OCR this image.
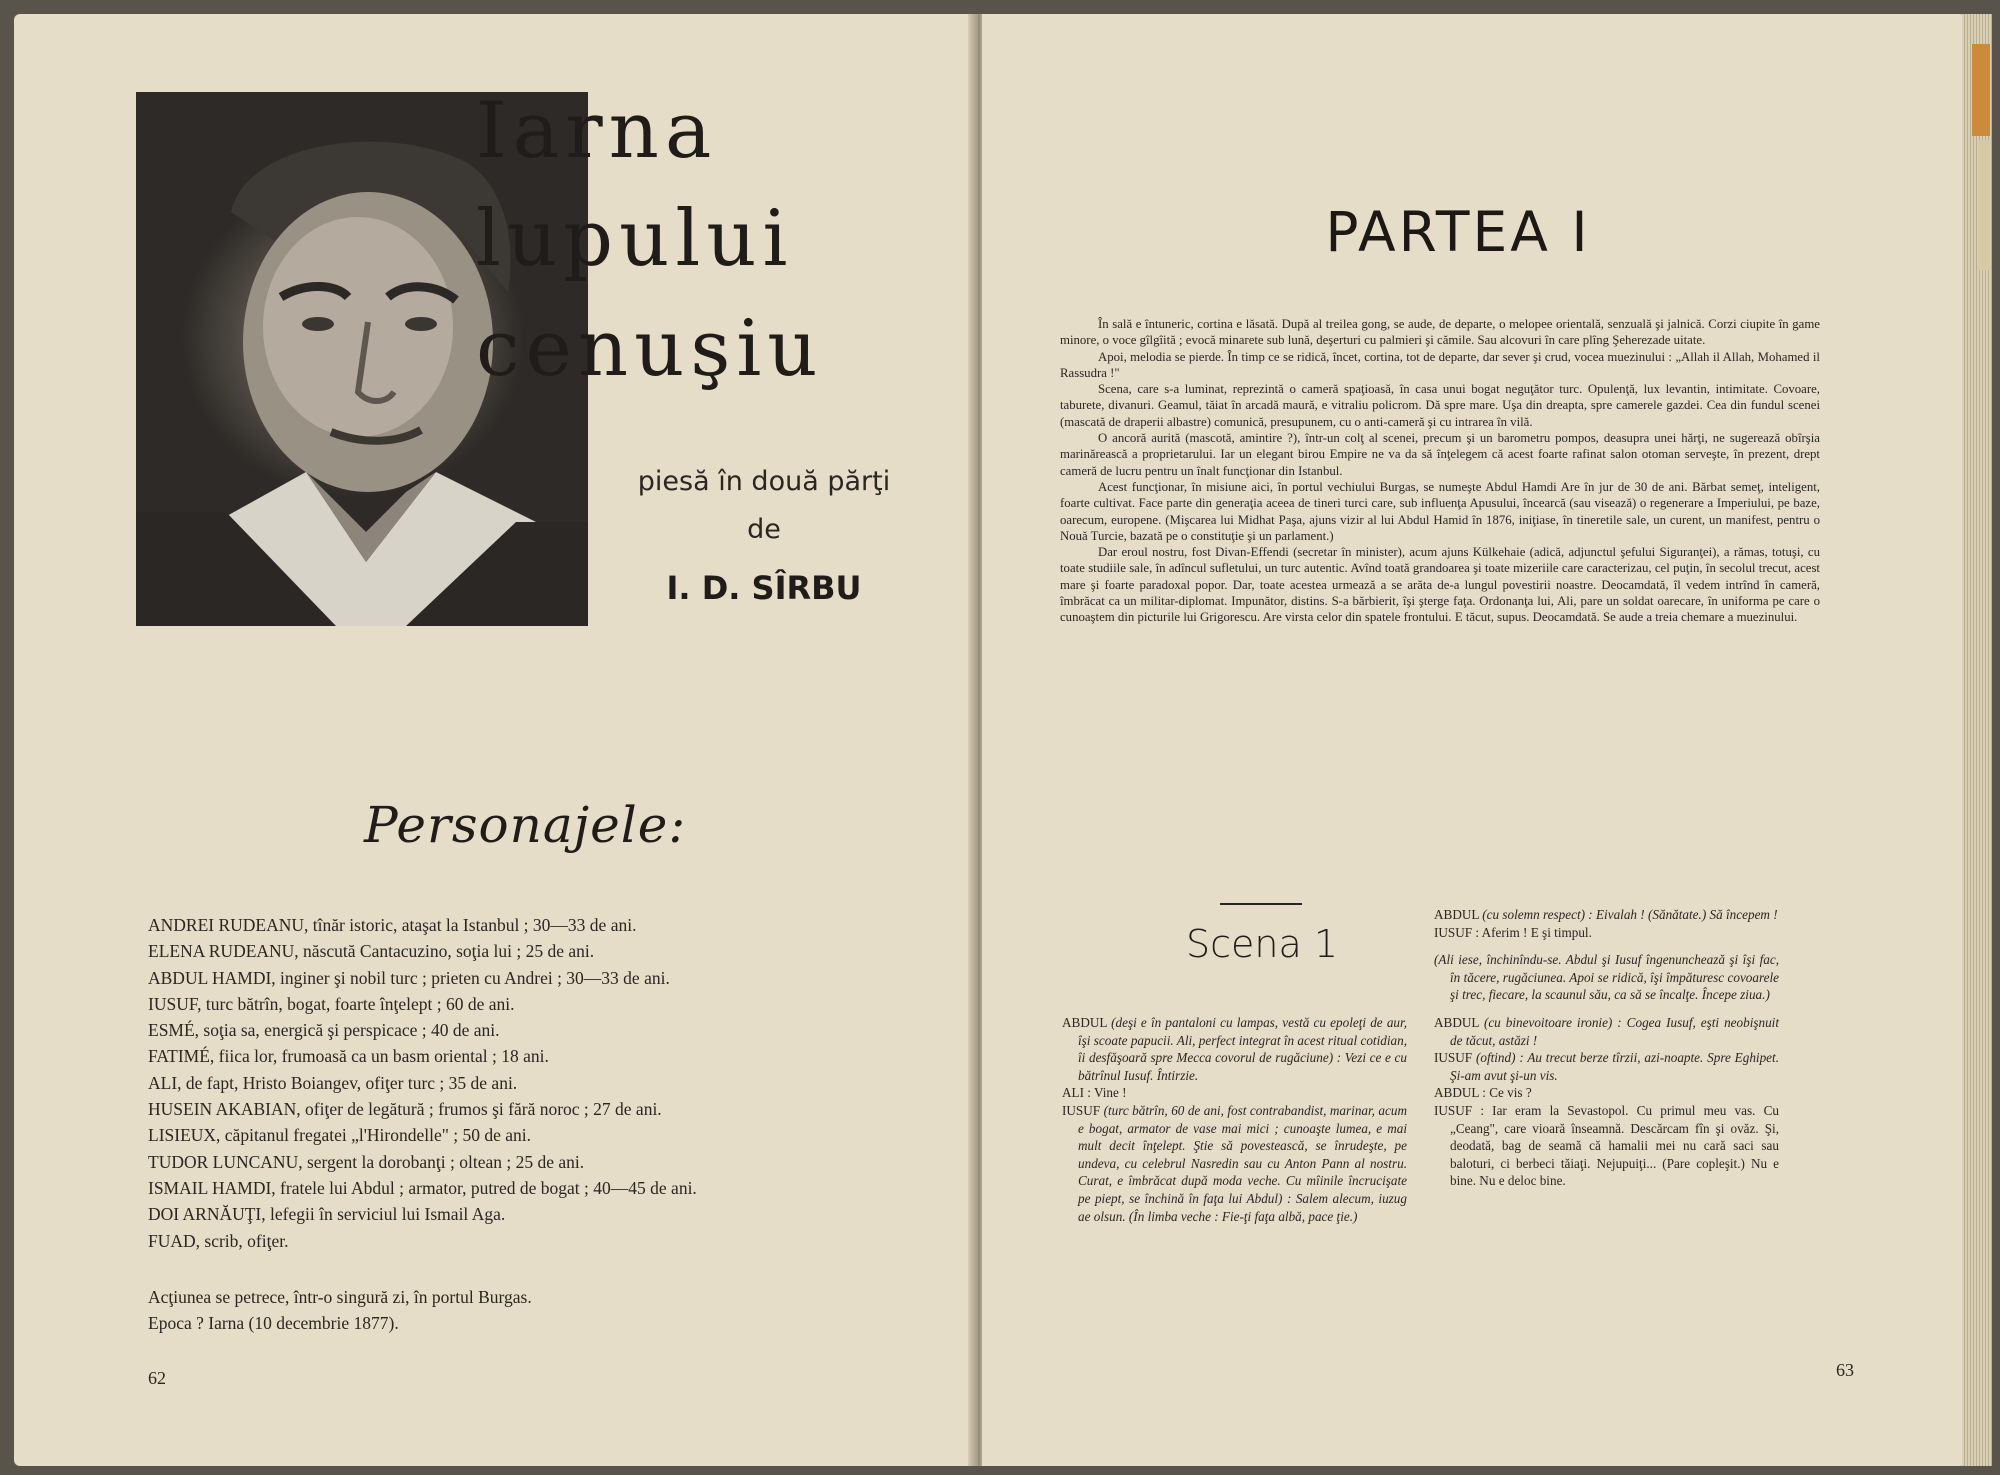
Iarna
lupului
cenuşiu
piesă în două părţi
de
I. D. SÎRBU
Personajele:
ANDREI RUDEANU, tînăr istoric, ataşat la Istanbul ; 30—33 de ani.
ELENA RUDEANU, născută Cantacuzino, soţia lui ; 25 de ani.
ABDUL HAMDI, inginer şi nobil turc ; prieten cu Andrei ; 30—33 de ani.
IUSUF, turc bătrîn, bogat, foarte înţelept ; 60 de ani.
ESMÉ, soţia sa, energică şi perspicace ; 40 de ani.
FATIMÉ, fiica lor, frumoasă ca un basm oriental ; 18 ani.
ALI, de fapt, Hristo Boiangev, ofiţer turc ; 35 de ani.
HUSEIN AKABIAN, ofiţer de legătură ; frumos şi fără noroc ; 27 de ani.
LISIEUX, căpitanul fregatei „l'Hirondelle" ; 50 de ani.
TUDOR LUNCANU, sergent la dorobanţi ; oltean ; 25 de ani.
ISMAIL HAMDI, fratele lui Abdul ; armator, putred de bogat ; 40—45 de ani.
DOI ARNĂUŢI, lefegii în serviciul lui Ismail Aga.
FUAD, scrib, ofiţer.
Acţiunea se petrece, într-o singură zi, în portul Burgas.
Epoca ? Iarna (10 decembrie 1877).
62
PARTEA I

În sală e întuneric, cortina e lăsată. După al treilea gong, se aude, de departe, o melopee orientală, senzuală şi jalnică. Corzi ciupite în game minore, o voce gîlgîită ; evocă minarete sub lună, deşerturi cu palmieri şi cămile. Sau alcovuri în care plîng Şeherezade uitate.

Apoi, melodia se pierde. În timp ce se ridică, încet, cortina, tot de departe, dar sever şi crud, vocea muezinului : „Allah il Allah, Mohamed il Rassudra !"

Scena, care s-a luminat, reprezintă o cameră spaţioasă, în casa unui bogat neguţător turc. Opulenţă, lux levantin, intimitate. Covoare, taburete, divanuri. Geamul, tăiat în arcadă maură, e vitraliu policrom. Dă spre mare. Uşa din dreapta, spre camerele gazdei. Cea din fundul scenei (mascată de draperii albastre) comunică, presupunem, cu o anti-cameră şi cu intrarea în vilă.

O ancoră aurită (mascotă, amintire ?), într-un colţ al scenei, precum şi un barometru pompos, deasupra unei hărţi, ne sugerează obîrşia marinărească a proprietarului. Iar un elegant birou Empire ne va da să înţelegem că acest foarte rafinat salon otoman serveşte, în prezent, drept cameră de lucru pentru un înalt funcţionar din Istanbul.

Acest funcţionar, în misiune aici, în portul vechiului Burgas, se numeşte Abdul Hamdi Are în jur de 30 de ani. Bărbat semeţ, inteligent, foarte cultivat. Face parte din generaţia aceea de tineri turci care, sub influenţa Apusului, încearcă (sau visează) o regenerare a Imperiului, pe baze, oarecum, europene. (Mişcarea lui Midhat Paşa, ajuns vizir al lui Abdul Hamid în 1876, iniţiase, în tineretile sale, un curent, un manifest, pentru o Nouă Turcie, bazată pe o constituţie şi un parlament.)

Dar eroul nostru, fost Divan-Effendi (secretar în minister), acum ajuns Külkehaie (adică, adjunctul şefului Siguranţei), a rămas, totuşi, cu toate studiile sale, în adîncul sufletului, un turc autentic. Avînd toată grandoarea şi toate mizeriile care caracterizau, cel puţin, în secolul trecut, acest mare şi foarte paradoxal popor. Dar, toate acestea urmează a se arăta de-a lungul povestirii noastre. Deocamdată, îl vedem intrînd în cameră, îmbrăcat ca un militar-diplomat. Impunător, distins. S-a bărbierit, îşi şterge faţa. Ordonanţa lui, Ali, pare un soldat oarecare, în uniforma pe care o cunoaştem din picturile lui Grigorescu. Are virsta celor din spatele frontului. E tăcut, supus. Deocamdată. Se aude a treia chemare a muezinului.

Scena 1

ABDUL (deşi e în pantaloni cu lampas, vestă cu epoleţi de aur, îşi scoate papucii. Ali, perfect integrat în acest ritual cotidian, îi desfăşoară spre Mecca covorul de rugăciune) : Vezi ce e cu bătrînul Iusuf. Întirzie.

ALI : Vine !

IUSUF (turc bătrîn, 60 de ani, fost contrabandist, marinar, acum e bogat, armator de vase mai mici ; cunoaşte lumea, e mai mult decit înţelept. Ştie să povestească, se înrudeşte, pe undeva, cu celebrul Nasredin sau cu Anton Pann al nostru. Curat, e îmbrăcat după moda veche. Cu mîinile încrucişate pe piept, se închină în faţa lui Abdul) : Salem alecum, iuzug ae olsun. (În limba veche : Fie-ţi faţa albă, pace ţie.)

ABDUL (cu solemn respect) : Eivalah ! (Sănătate.) Să începem !

IUSUF : Aferim ! E şi timpul.

(Ali iese, închinîndu-se. Abdul şi Iusuf îngenunchează şi îşi fac, în tăcere, rugăciunea. Apoi se ridică, îşi împăturesc covoarele şi trec, fiecare, la scaunul său, ca să se încalţe. Începe ziua.)

ABDUL (cu binevoitoare ironie) : Cogea Iusuf, eşti neobişnuit de tăcut, astăzi !

IUSUF (oftind) : Au trecut berze tîrzii, azi-noapte. Spre Eghipet. Şi-am avut şi-un vis.

ABDUL : Ce vis ?

IUSUF : Iar eram la Sevastopol. Cu primul meu vas. Cu „Ceang", care vioară înseamnă. Descărcam fîn şi ovăz. Şi, deodată, bag de seamă că hamalii mei nu cară saci sau baloturi, ci berbeci tăiaţi. Nejupuiţi... (Pare copleşit.) Nu e bine. Nu e deloc bine.

63
